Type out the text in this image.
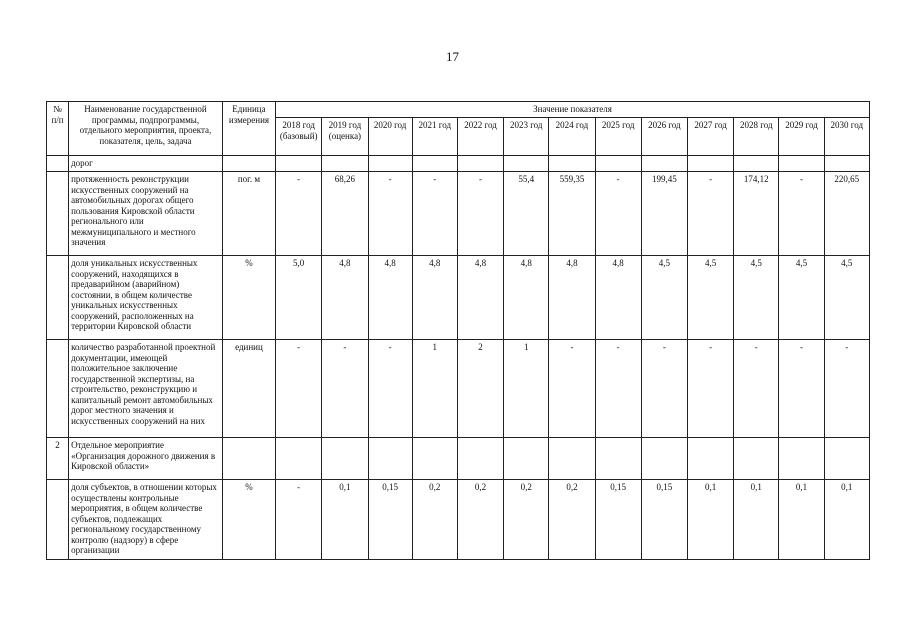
17
№ п/п	Наименование государственной программы, подпрограммы, отдельного мероприятия, проекта, показателя, цель, задача	Единица измерения	Значение показателя												
			2018 год (базовый)	2019 год (оценка)	2020 год	2021 год	2022 год	2023 год	2024 год	2025 год	2026 год	2027 год	2028 год	2029 год	2030 год
	дорог														
	протяженность реконструкции искусственных сооружений на автомобильных дорогах общего пользования Кировской области регионального или межмуниципального и местного значения	пог. м	-	68,26	-	-	-	55,4	559,35	-	199,45	-	174,12	-	220,65
	доля уникальных искусственных сооружений, находящихся в предаварийном (аварийном) состоянии, в общем количестве уникальных искусственных сооружений, расположенных на территории Кировской области	%	5,0	4,8	4,8	4,8	4,8	4,8	4,8	4,8	4,5	4,5	4,5	4,5	4,5
	количество разработанной проектной документации, имеющей положительное заключение государственной экспертизы, на строительство, реконструкцию и капитальный ремонт автомобильных дорог местного значения и искусственных сооружений на них	единиц	-	-	-	1	2	1	-	-	-	-	-	-	-
2	Отдельное мероприятие «Организация дорожного движения в Кировской области»														
	доля субъектов, в отношении которых осуществлены контрольные мероприятия, в общем количестве субъектов, подлежащих региональному государственному контролю (надзору) в сфере организации	%	-	0,1	0,15	0,2	0,2	0,2	0,2	0,15	0,15	0,1	0,1	0,1	0,1
